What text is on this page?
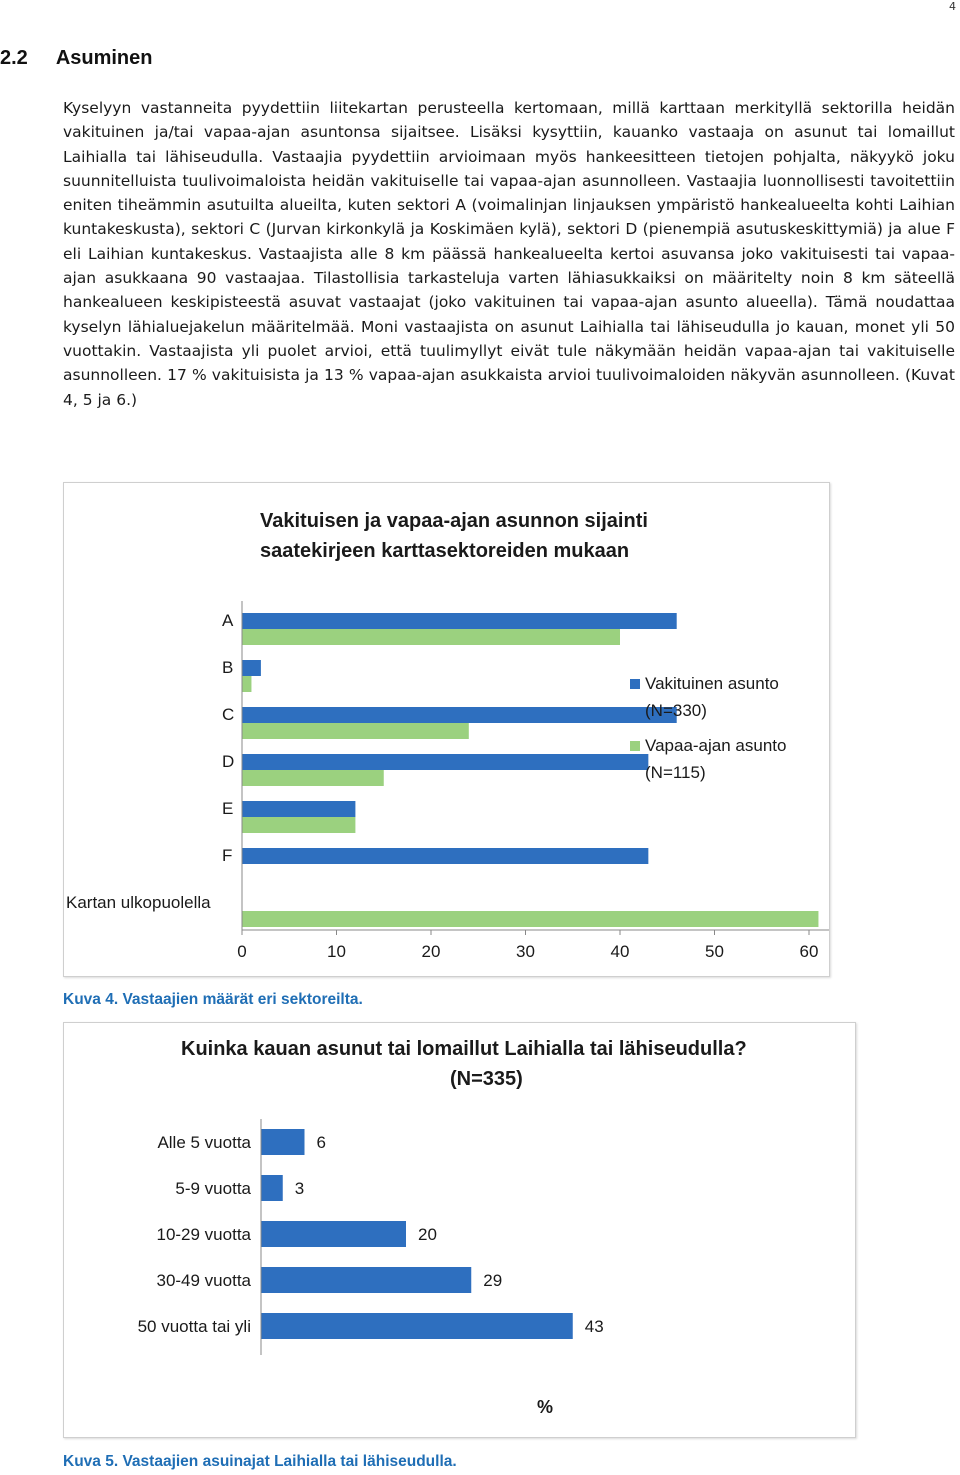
4
2.2 Asuminen

Kyselyyn vastanneita pyydettiin liitekartan perusteella kertomaan, millä karttaan merkityllä sektorilla heidän vakituinen ja/tai vapaa-ajan asuntonsa sijaitsee. Lisäksi kysyttiin, kauanko vastaaja on asunut tai lomaillut Laihialla tai lähiseudulla. Vastaajia pyydettiin arvioimaan myös hankeesitteen tietojen pohjalta, näkyykö joku suunnitelluista tuulivoimaloista heidän vakituiselle tai vapaa-ajan asunnolleen. Vastaajia luonnollisesti tavoitettiin eniten tiheämmin asutuilta alueilta, kuten sektori A (voimalinjan linjauksen ympäristö hankealueelta kohti Laihian kuntakeskusta), sektori C (Jurvan kirkonkylä ja Koskimäen kylä), sektori D (pienempiä asutuskeskittymiä) ja alue F eli Laihian kuntakeskus. Vastaajista alle 8 km päässä hankealueelta kertoi asuvansa joko vakituisesti tai vapaa-ajan asukkaana 90 vastaajaa. Tilastollisia tarkasteluja varten lähiasukkaiksi on määritelty noin 8 km säteellä hankealueen keskipisteestä asuvat vastaajat (joko vakituinen tai vapaa-ajan asunto alueella). Tämä noudattaa kyselyn lähialuejakelun määritelmää. Moni vastaajista on asunut Laihialla tai lähiseudulla jo kauan, monet yli 50 vuottakin. Vastaajista yli puolet arvioi, että tuulimyllyt eivät tule näkymään heidän vapaa-ajan tai vakituiselle asunnolleen. 17 % vakituisista ja 13 % vapaa-ajan asukkaista arvioi tuulivoimaloiden näkyvän asunnolleen. (Kuvat 4, 5 ja 6.)

Vakituisen ja vapaa-ajan asunnon sijainti
saatekirjeen karttasektoreiden mukaan
A
B
C
D
E
F
Kartan ulkopuolella
0	10	20	30	40	50	60
Vakituinen asunto
(N=330)
Vapaa-ajan asunto
(N=115)
Kuva 4. Vastaajien määrät eri sektoreilta.
Kuinka kauan asunut tai lomaillut Laihialla tai lähiseudulla?
(N=335)
Alle 5 vuotta	6
5-9 vuotta	3
10-29 vuotta	20
30-49 vuotta	29
50 vuotta tai yli	43
%
Kuva 5. Vastaajien asuinajat Laihialla tai lähiseudulla.
